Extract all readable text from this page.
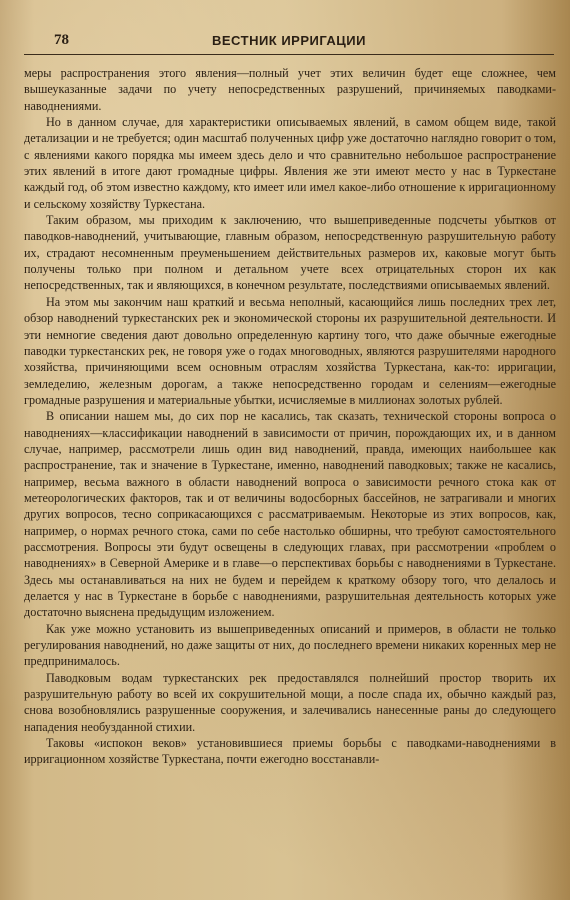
78	ВЕСТНИК ИРРИГАЦИИ

меры распространения этого явления—полный учет этих величин будет еще сложнее, чем вышеуказанные задачи по учету непосредственных разрушений, причиняемых паводками-наводнениями.

Но в данном случае, для характеристики описываемых явлений, в самом общем виде, такой детализации и не требуется; один масштаб полученных цифр уже достаточно наглядно говорит о том, с явлениями какого порядка мы имеем здесь дело и что сравнительно небольшое распространение этих явлений в итоге дают громадные цифры. Явления же эти имеют место у нас в Туркестане каждый год, об этом известно каждому, кто имеет или имел какое-либо отношение к ирригационному и сельскому хозяйству Туркестана.

Таким образом, мы приходим к заключению, что вышеприведенные подсчеты убытков от паводков-наводнений, учитывающие, главным образом, непосредственную разрушительную работу их, страдают несомненным преуменьшением действительных размеров их, каковые могут быть получены только при полном и детальном учете всех отрицательных сторон их как непосредственных, так и являющихся, в конечном результате, последствиями описываемых явлений.

На этом мы закончим наш краткий и весьма неполный, касающийся лишь последних трех лет, обзор наводнений туркестанских рек и экономической стороны их разрушительной деятельности. И эти немногие сведения дают довольно определенную картину того, что даже обычные ежегодные паводки туркестанских рек, не говоря уже о годах многоводных, являются разрушителями народного хозяйства, причиняющими всем основным отраслям хозяйства Туркестана, как-то: ирригации, земледелию, железным дорогам, а также непосредственно городам и селениям—ежегодные громадные разрушения и материальные убытки, исчисляемые в миллионах золотых рублей.

В описании нашем мы, до сих пор не касались, так сказать, технической стороны вопроса о наводнениях—классификации наводнений в зависимости от причин, порождающих их, и в данном случае, например, рассмотрели лишь один вид наводнений, правда, имеющих наибольшее как распространение, так и значение в Туркестане, именно, наводнений паводковых; также не касались, например, весьма важного в области наводнений вопроса о зависимости речного стока как от метеорологических факторов, так и от величины водосборных бассейнов, не затрагивали и многих других вопросов, тесно соприкасающихся с рассматриваемым. Некоторые из этих вопросов, как, например, о нормах речного стока, сами по себе настолько обширны, что требуют самостоятельного рассмотрения. Вопросы эти будут освещены в следующих главах, при рассмотрении «проблем о наводнениях» в Северной Америке и в главе—о перспективах борьбы с наводнениями в Туркестане. Здесь мы останавливаться на них не будем и перейдем к краткому обзору того, что делалось и делается у нас в Туркестане в борьбе с наводнениями, разрушительная деятельность которых уже достаточно выяснена предыдущим изложением.

Как уже можно установить из вышеприведенных описаний и примеров, в области не только регулирования наводнений, но даже защиты от них, до последнего времени никаких коренных мер не предпринималось.

Паводковым водам туркестанских рек предоставлялся полнейший простор творить их разрушительную работу во всей их сокрушительной мощи, а после спада их, обычно каждый раз, снова возобновлялись разрушенные сооружения, и залечивались нанесенные раны до следующего нападения необузданной стихии.

Таковы «испокон веков» установившиеся приемы борьбы с паводками-наводнениями в ирригационном хозяйстве Туркестана, почти ежегодно восстанавли-
